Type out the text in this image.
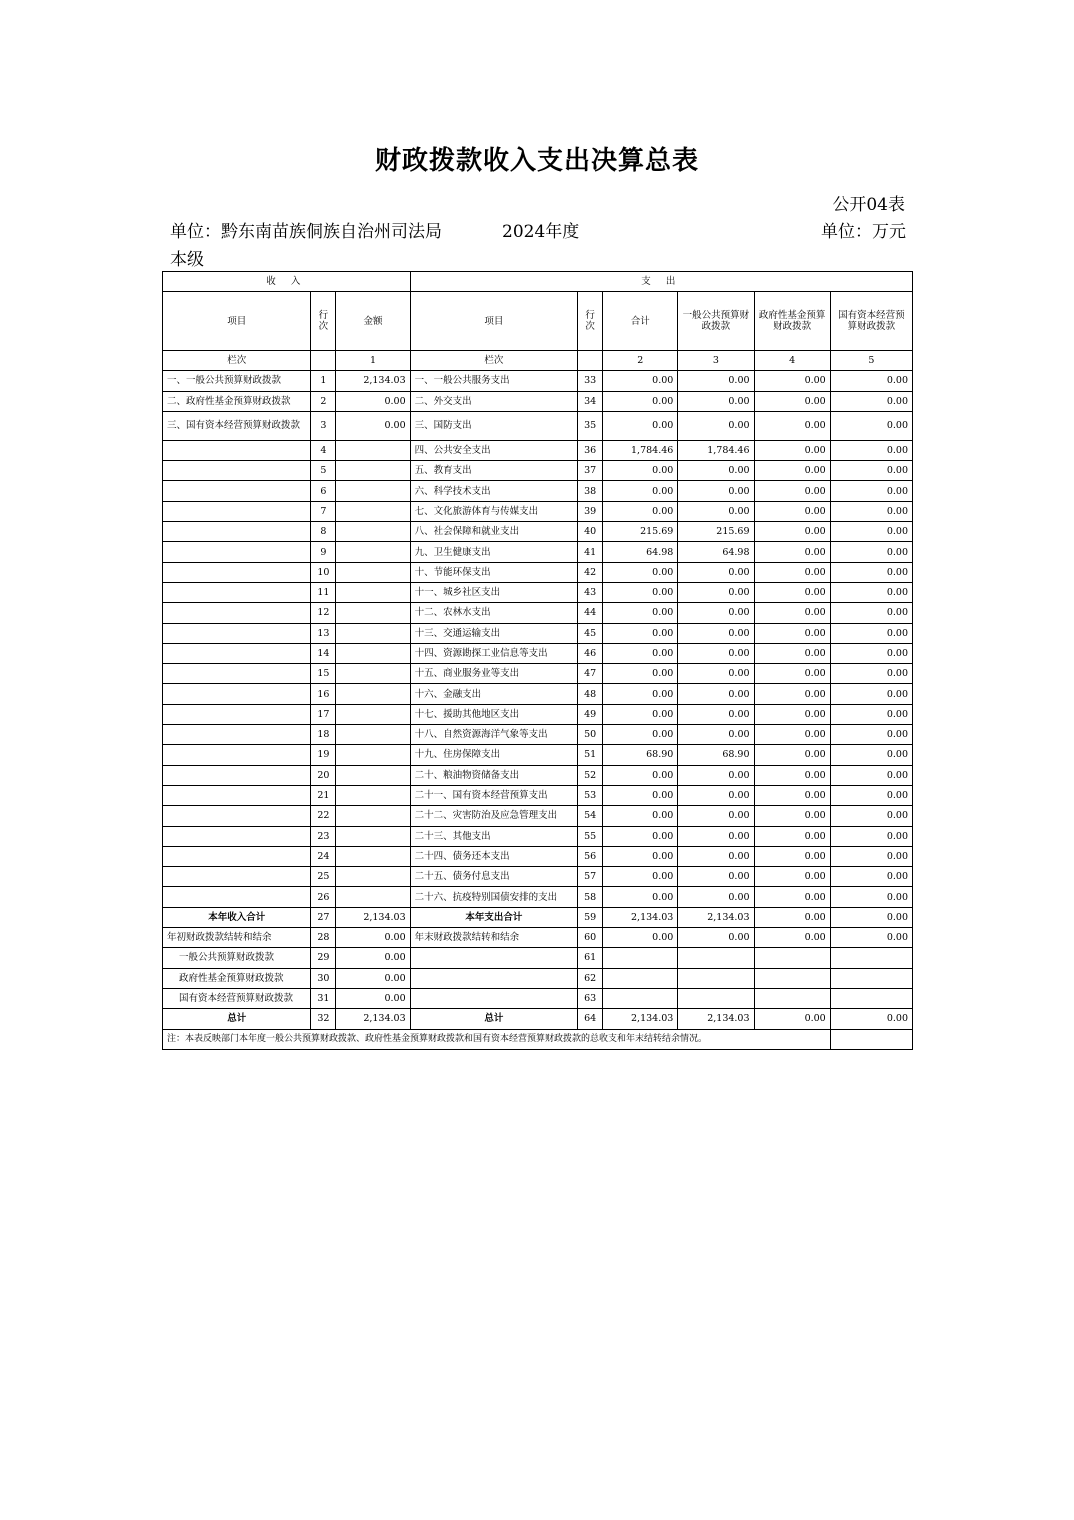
财政拨款收入支出决算总表
公开04表
单位：黔东南苗族侗族自治州司法局本级
2024年度	单位：万元
收 入			支 出					
项目	行次	金额	项目	行次	合计	一般公共预算财政拨款	政府性基金预算财政拨款	国有资本经营预算财政拨款
栏次		1	栏次		2	3	4	5
一、一般公共预算财政拨款	1	2,134.03	一、一般公共服务支出	33	0.00	0.00	0.00	0.00
二、政府性基金预算财政拨款	2	0.00	二、外交支出	34	0.00	0.00	0.00	0.00
三、国有资本经营预算财政拨款	3	0.00	三、国防支出	35	0.00	0.00	0.00	0.00
	4		四、公共安全支出	36	1,784.46	1,784.46	0.00	0.00
	5		五、教育支出	37	0.00	0.00	0.00	0.00
	6		六、科学技术支出	38	0.00	0.00	0.00	0.00
	7		七、文化旅游体育与传媒支出	39	0.00	0.00	0.00	0.00
	8		八、社会保障和就业支出	40	215.69	215.69	0.00	0.00
	9		九、卫生健康支出	41	64.98	64.98	0.00	0.00
	10		十、节能环保支出	42	0.00	0.00	0.00	0.00
	11		十一、城乡社区支出	43	0.00	0.00	0.00	0.00
	12		十二、农林水支出	44	0.00	0.00	0.00	0.00
	13		十三、交通运输支出	45	0.00	0.00	0.00	0.00
	14		十四、资源勘探工业信息等支出	46	0.00	0.00	0.00	0.00
	15		十五、商业服务业等支出	47	0.00	0.00	0.00	0.00
	16		十六、金融支出	48	0.00	0.00	0.00	0.00
	17		十七、援助其他地区支出	49	0.00	0.00	0.00	0.00
	18		十八、自然资源海洋气象等支出	50	0.00	0.00	0.00	0.00
	19		十九、住房保障支出	51	68.90	68.90	0.00	0.00
	20		二十、粮油物资储备支出	52	0.00	0.00	0.00	0.00
	21		二十一、国有资本经营预算支出	53	0.00	0.00	0.00	0.00
	22		二十二、灾害防治及应急管理支出	54	0.00	0.00	0.00	0.00
	23		二十三、其他支出	55	0.00	0.00	0.00	0.00
	24		二十四、债务还本支出	56	0.00	0.00	0.00	0.00
	25		二十五、债务付息支出	57	0.00	0.00	0.00	0.00
	26		二十六、抗疫特别国债安排的支出	58	0.00	0.00	0.00	0.00
本年收入合计	27	2,134.03	本年支出合计	59	2,134.03	2,134.03	0.00	0.00
年初财政拨款结转和结余	28	0.00	年末财政拨款结转和结余	60	0.00	0.00	0.00	0.00
一般公共预算财政拨款	29	0.00		61				
政府性基金预算财政拨款	30	0.00		62				
国有资本经营预算财政拨款	31	0.00		63				
总计	32	2,134.03	总计	64	2,134.03	2,134.03	0.00	0.00
注：本表反映部门本年度一般公共预算财政拨款、政府性基金预算财政拨款和国有资本经营预算财政拨款的总收支和年末结转结余情况。								
